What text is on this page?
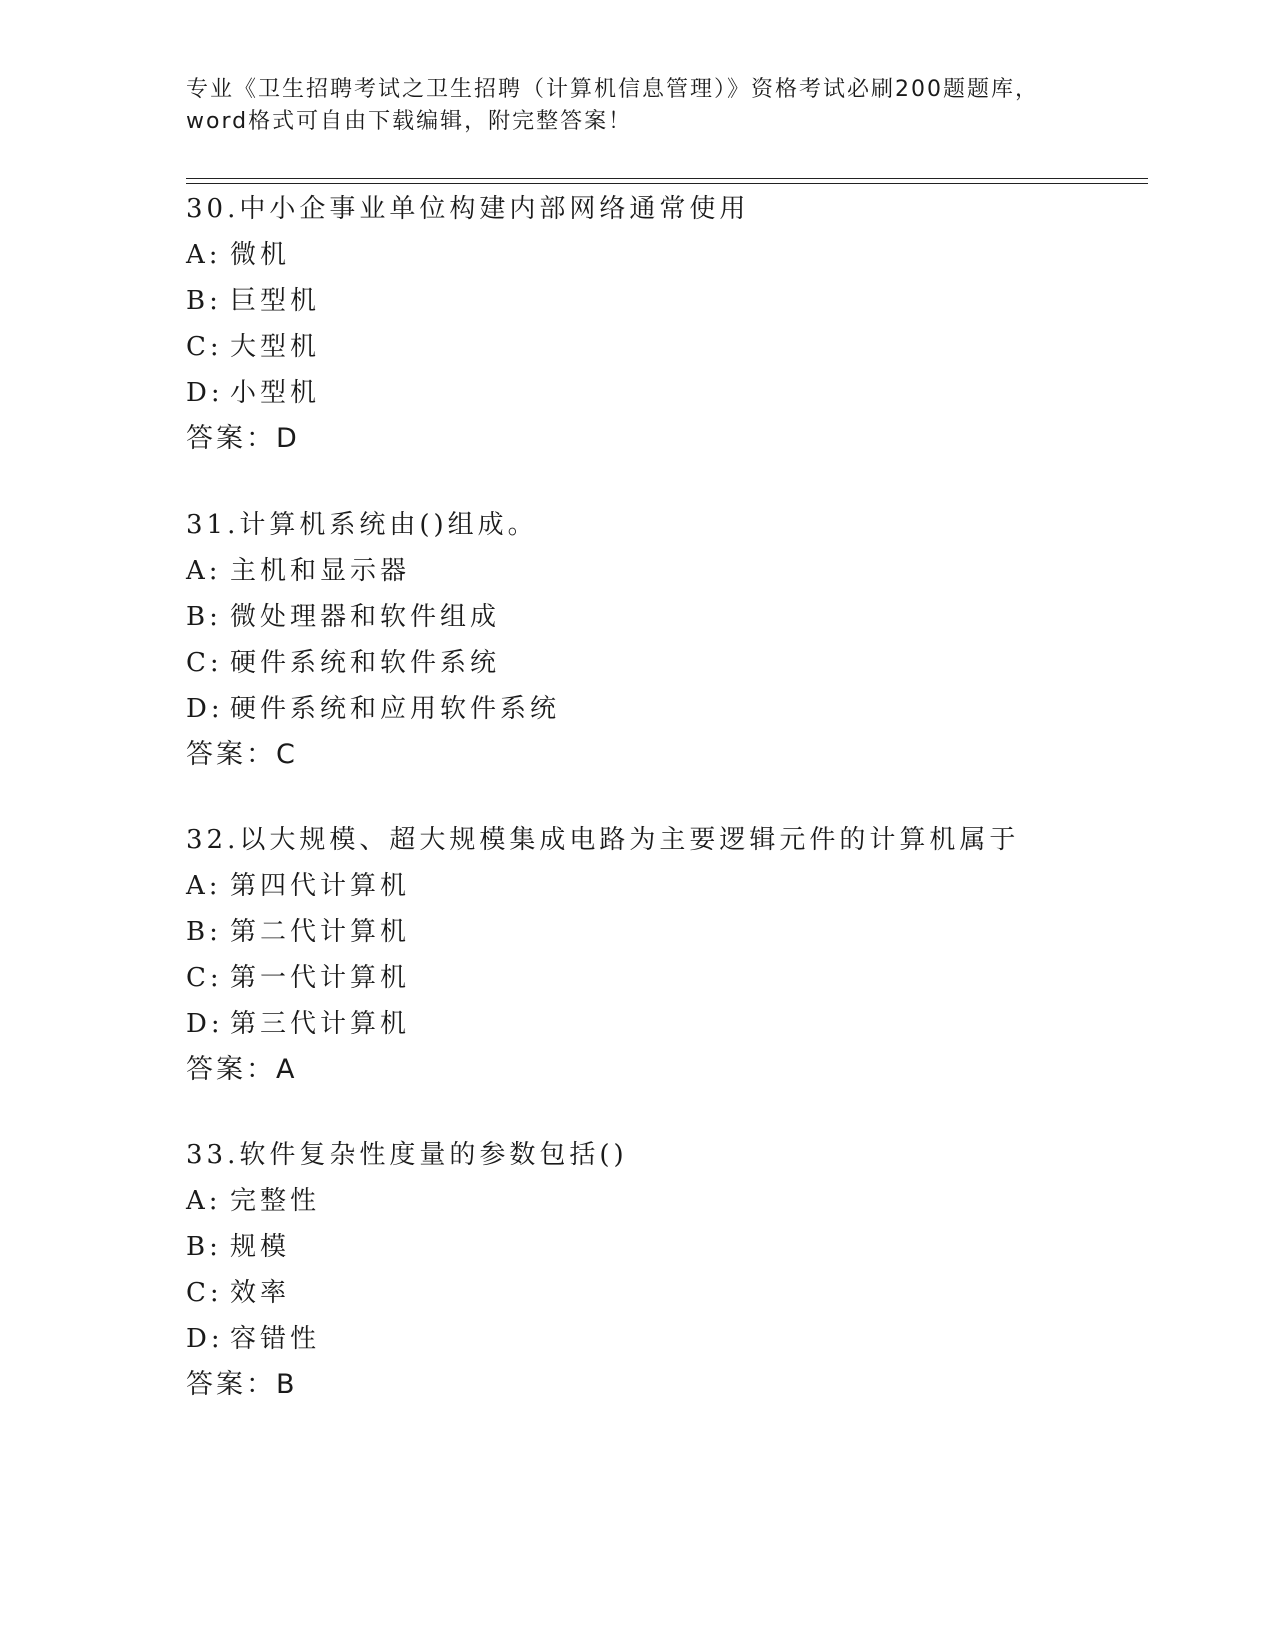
专业《卫生招聘考试之卫生招聘（计算机信息管理）》资格考试必刷200题题库，
word格式可自由下载编辑，附完整答案！
30.中小企事业单位构建内部网络通常使用
A: 微机
B: 巨型机
C: 大型机
D: 小型机
答案：D
31.计算机系统由()组成。
A: 主机和显示器
B: 微处理器和软件组成
C: 硬件系统和软件系统
D: 硬件系统和应用软件系统
答案：C
32.以大规模、超大规模集成电路为主要逻辑元件的计算机属于
A: 第四代计算机
B: 第二代计算机
C: 第一代计算机
D: 第三代计算机
答案：A
33.软件复杂性度量的参数包括()
A: 完整性
B: 规模
C: 效率
D: 容错性
答案：B
